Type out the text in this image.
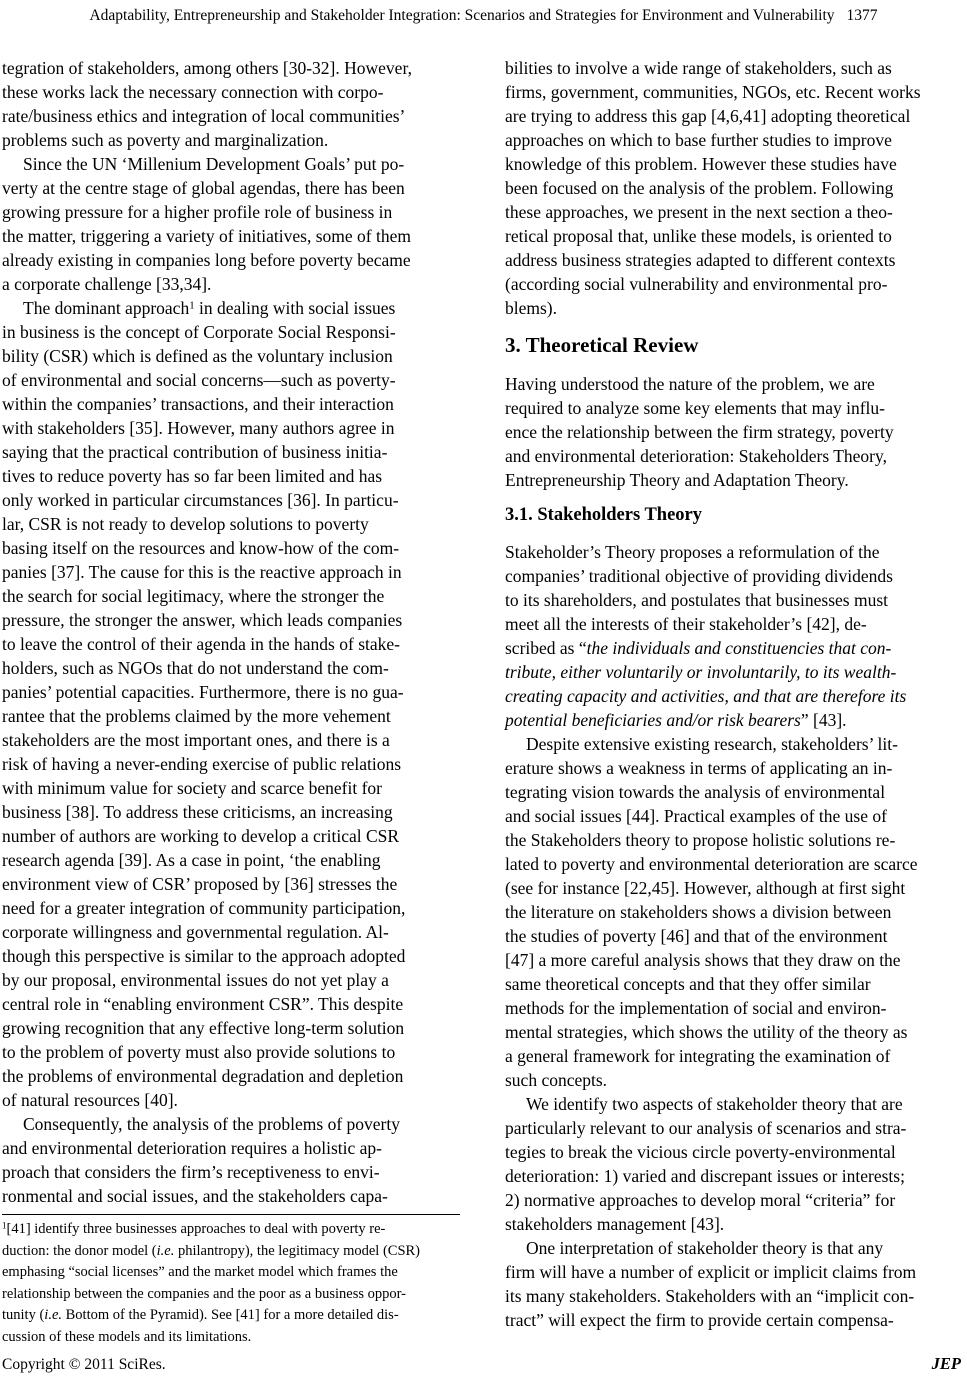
Adaptability, Entrepreneurship and Stakeholder Integration: Scenarios and Strategies for Environment and Vulnerability 1377
tegration of stakeholders, among others [30-32]. However,
these works lack the necessary connection with corpo-
rate/business ethics and integration of local communities’
problems such as poverty and marginalization.
Since the UN ‘Millenium Development Goals’ put po-
verty at the centre stage of global agendas, there has been
growing pressure for a higher profile role of business in
the matter, triggering a variety of initiatives, some of them
already existing in companies long before poverty became
a corporate challenge [33,34].
The dominant approach$^1$ in dealing with social issues
in business is the concept of Corporate Social Responsi-
bility (CSR) which is defined as the voluntary inclusion
of environmental and social concerns—such as poverty-
within the companies’ transactions, and their interaction
with stakeholders [35]. However, many authors agree in
saying that the practical contribution of business initia-
tives to reduce poverty has so far been limited and has
only worked in particular circumstances [36]. In particu-
lar, CSR is not ready to develop solutions to poverty
basing itself on the resources and know-how of the com-
panies [37]. The cause for this is the reactive approach in
the search for social legitimacy, where the stronger the
pressure, the stronger the answer, which leads companies
to leave the control of their agenda in the hands of stake-
holders, such as NGOs that do not understand the com-
panies’ potential capacities. Furthermore, there is no gua-
rantee that the problems claimed by the more vehement
stakeholders are the most important ones, and there is a
risk of having a never-ending exercise of public relations
with minimum value for society and scarce benefit for
business [38]. To address these criticisms, an increasing
number of authors are working to develop a critical CSR
research agenda [39]. As a case in point, ‘the enabling
environment view of CSR’ proposed by [36] stresses the
need for a greater integration of community participation,
corporate willingness and governmental regulation. Al-
though this perspective is similar to the approach adopted
by our proposal, environmental issues do not yet play a
central role in “enabling environment CSR”. This despite
growing recognition that any effective long-term solution
to the problem of poverty must also provide solutions to
the problems of environmental degradation and depletion
of natural resources [40].
Consequently, the analysis of the problems of poverty
and environmental deterioration requires a holistic ap-
proach that considers the firm’s receptiveness to envi-
ronmental and social issues, and the stakeholders capa-
$^1$[41] identify three businesses approaches to deal with poverty re-
duction: the donor model (i.e. philantropy), the legitimacy model (CSR)
emphasing “social licenses” and the market model which frames the
relationship between the companies and the poor as a business oppor-
tunity (i.e. Bottom of the Pyramid). See [41] for a more detailed dis-
cussion of these models and its limitations.
bilities to involve a wide range of stakeholders, such as
firms, government, communities, NGOs, etc. Recent works
are trying to address this gap [4,6,41] adopting theoretical
approaches on which to base further studies to improve
knowledge of this problem. However these studies have
been focused on the analysis of the problem. Following
these approaches, we present in the next section a theo-
retical proposal that, unlike these models, is oriented to
address business strategies adapted to different contexts
(according social vulnerability and environmental pro-
blems).
3. Theoretical Review
Having understood the nature of the problem, we are
required to analyze some key elements that may influ-
ence the relationship between the firm strategy, poverty
and environmental deterioration: Stakeholders Theory,
Entrepreneurship Theory and Adaptation Theory.
3.1. Stakeholders Theory
Stakeholder’s Theory proposes a reformulation of the
companies’ traditional objective of providing dividends
to its shareholders, and postulates that businesses must
meet all the interests of their stakeholder’s [42], de-
scribed as “the individuals and constituencies that con-
tribute, either voluntarily or involuntarily, to its wealth-
creating capacity and activities, and that are therefore its
potential beneficiaries and/or risk bearers” [43].
Despite extensive existing research, stakeholders’ lit-
erature shows a weakness in terms of applicating an in-
tegrating vision towards the analysis of environmental
and social issues [44]. Practical examples of the use of
the Stakeholders theory to propose holistic solutions re-
lated to poverty and environmental deterioration are scarce
(see for instance [22,45]. However, although at first sight
the literature on stakeholders shows a division between
the studies of poverty [46] and that of the environment
[47] a more careful analysis shows that they draw on the
same theoretical concepts and that they offer similar
methods for the implementation of social and environ-
mental strategies, which shows the utility of the theory as
a general framework for integrating the examination of
such concepts.
We identify two aspects of stakeholder theory that are
particularly relevant to our analysis of scenarios and stra-
tegies to break the vicious circle poverty-environmental
deterioration: 1) varied and discrepant issues or interests;
2) normative approaches to develop moral “criteria” for
stakeholders management [43].
One interpretation of stakeholder theory is that any
firm will have a number of explicit or implicit claims from
its many stakeholders. Stakeholders with an “implicit con-
tract” will expect the firm to provide certain compensa-
Copyright © 2011 SciRes.	JEP
